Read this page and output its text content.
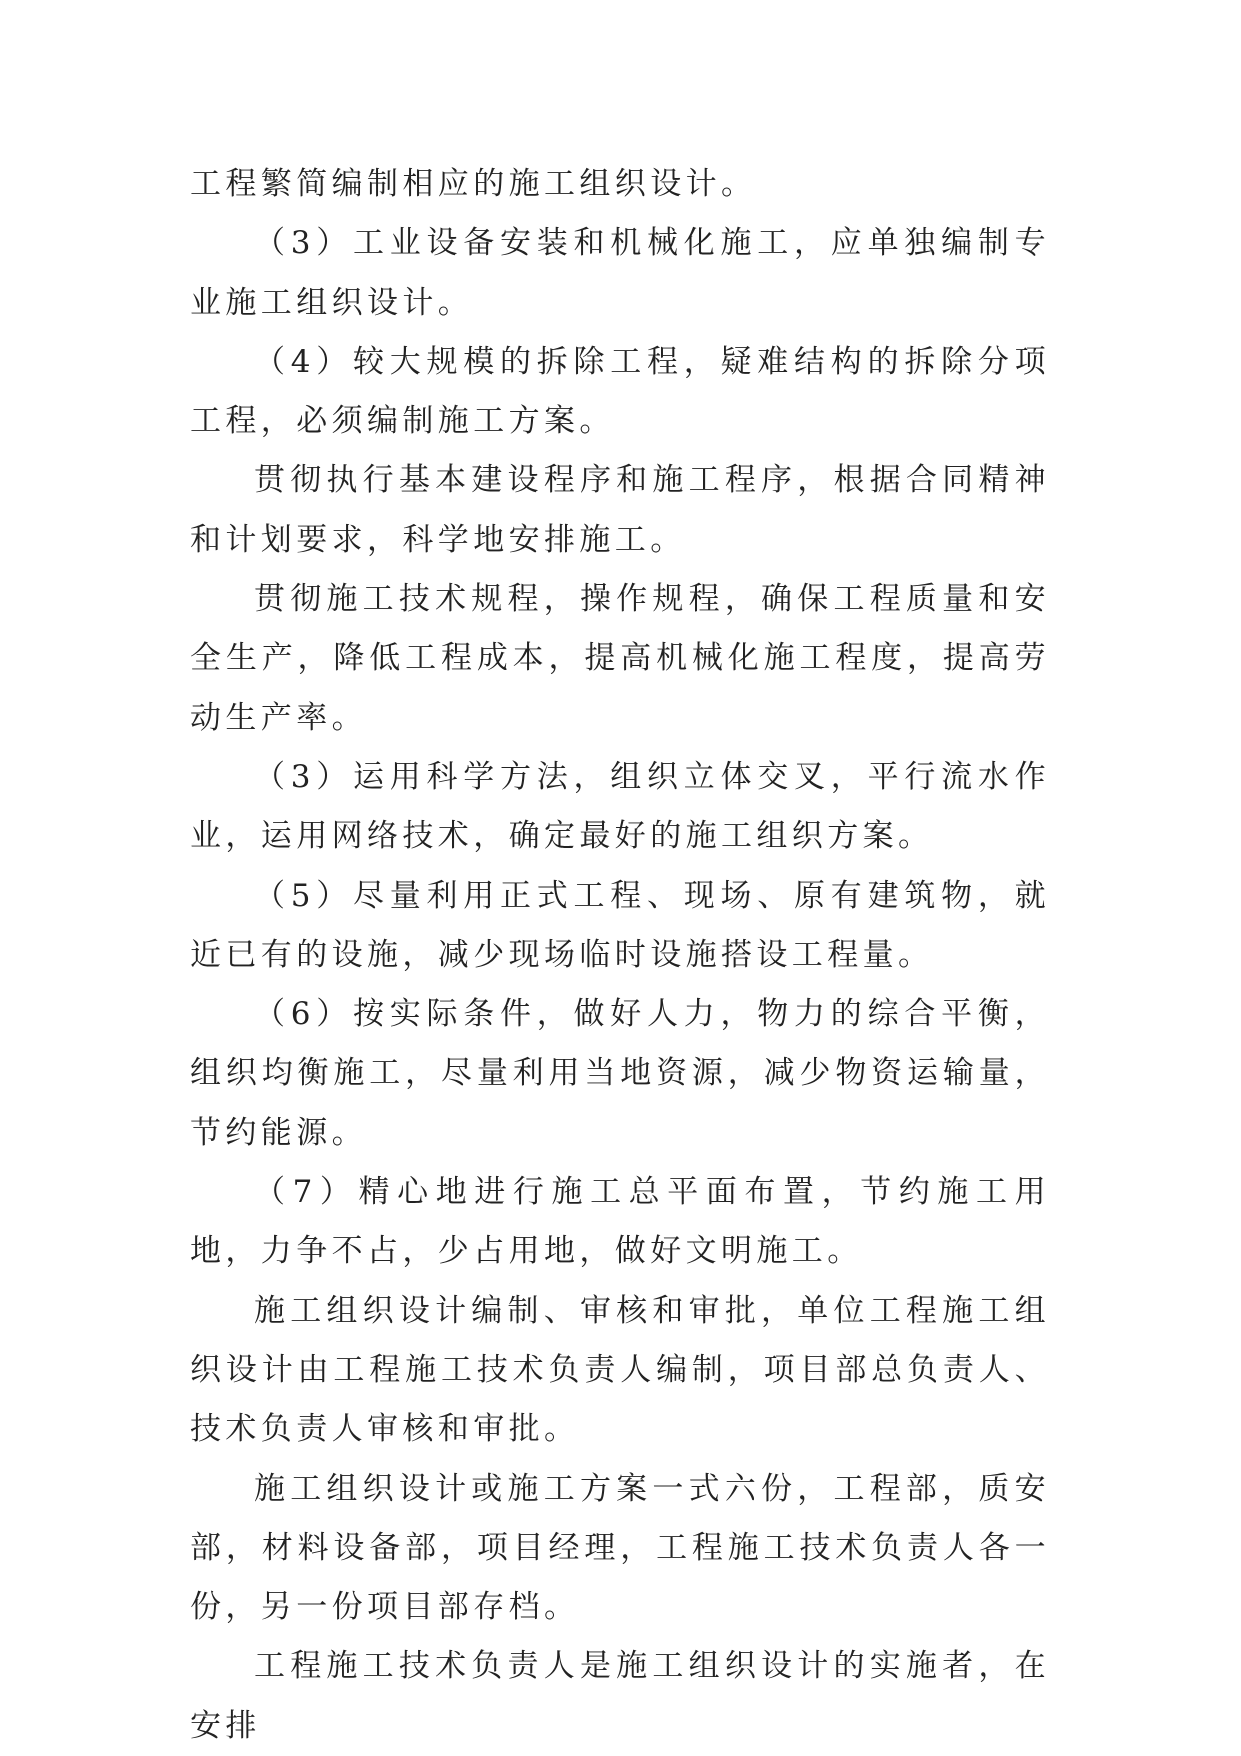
工程繁简编制相应的施工组织设计。

（3）工业设备安装和机械化施工，应单独编制专业施工组织设计。

（4）较大规模的拆除工程，疑难结构的拆除分项工程，必须编制施工方案。

贯彻执行基本建设程序和施工程序，根据合同精神和计划要求，科学地安排施工。

贯彻施工技术规程，操作规程，确保工程质量和安全生产，降低工程成本，提高机械化施工程度，提高劳动生产率。

（3）运用科学方法，组织立体交叉，平行流水作业，运用网络技术，确定最好的施工组织方案。

（5）尽量利用正式工程、现场、原有建筑物，就近已有的设施，减少现场临时设施搭设工程量。

（6）按实际条件，做好人力，物力的综合平衡，组织均衡施工，尽量利用当地资源，减少物资运输量，节约能源。

（7）精心地进行施工总平面布置，节约施工用地，力争不占，少占用地，做好文明施工。

施工组织设计编制、审核和审批，单位工程施工组织设计由工程施工技术负责人编制，项目部总负责人、技术负责人审核和审批。

施工组织设计或施工方案一式六份，工程部，质安部，材料设备部，项目经理，工程施工技术负责人各一份，另一份项目部存档。

工程施工技术负责人是施工组织设计的实施者，在安排
